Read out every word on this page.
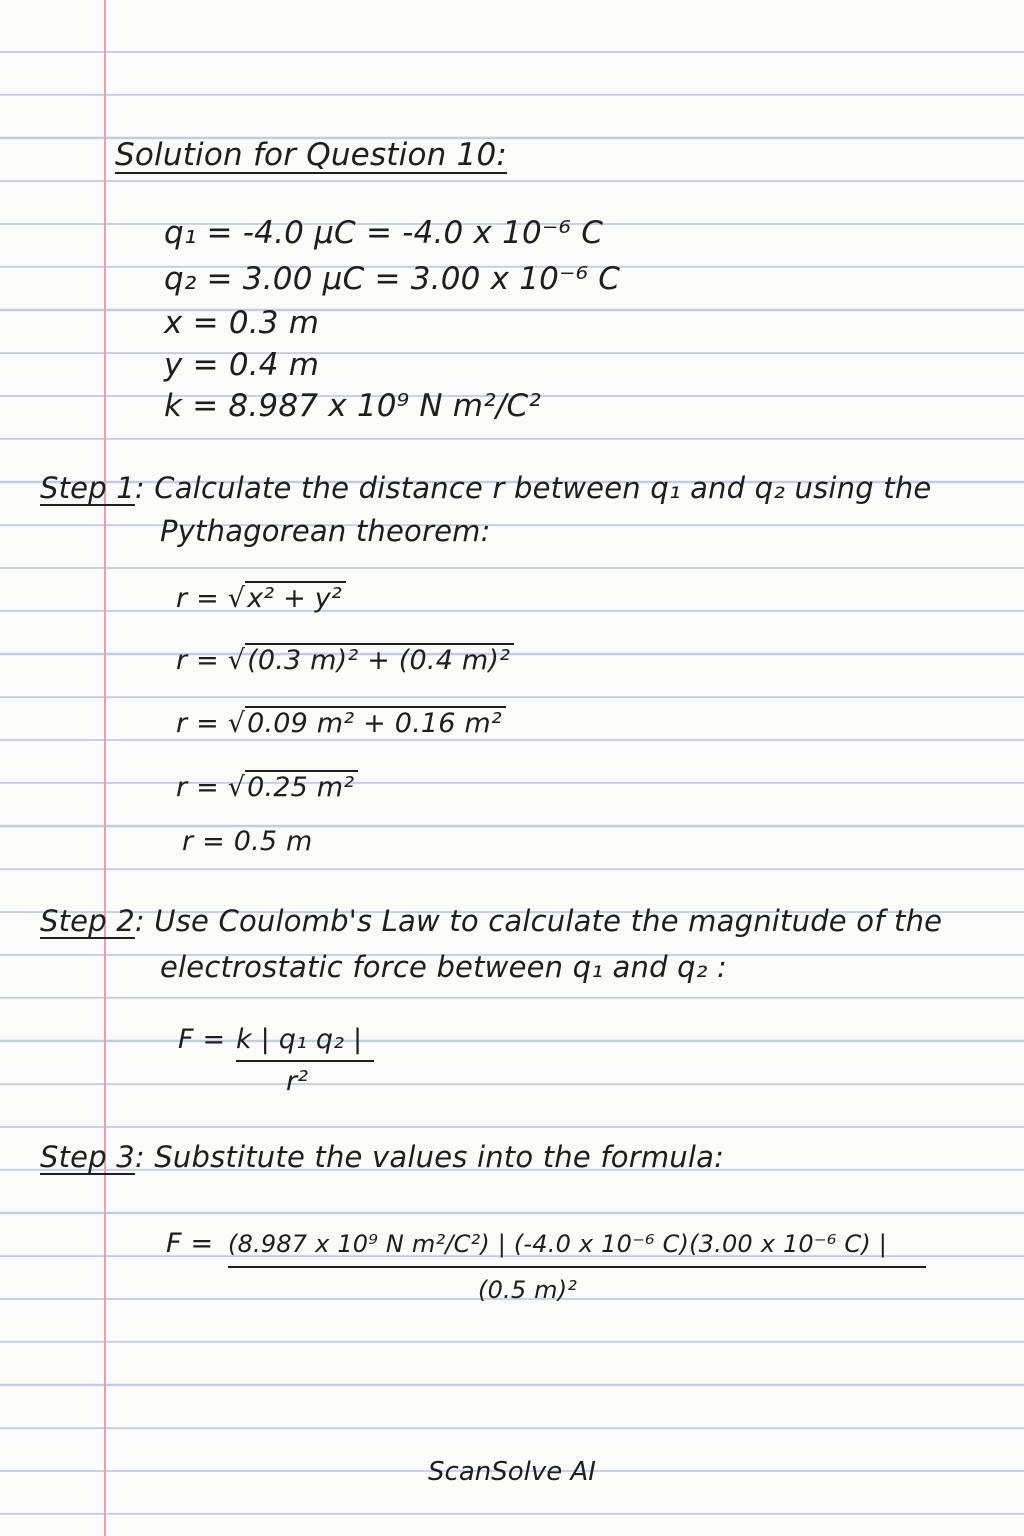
Solution for Question 10:
q₁ = -4.0 μC = -4.0 x 10⁻⁶ C
q₂ = 3.00 μC = 3.00 x 10⁻⁶ C
x = 0.3 m
y = 0.4 m
k = 8.987 x 10⁹ N m²/C²
Step 1: Calculate the distance r between q₁ and q₂ using the
Pythagorean theorem:
r = √x² + y²
r = √(0.3 m)² + (0.4 m)²
r = √0.09 m² + 0.16 m²
r = √0.25 m²
r = 0.5 m
Step 2: Use Coulomb's Law to calculate the magnitude of the
electrostatic force between q₁ and q₂ :
F = k | q₁ q₂ |
r²
Step 3: Substitute the values into the formula:
F = (8.987 x 10⁹ N m²/C²) | (-4.0 x 10⁻⁶ C)(3.00 x 10⁻⁶ C) |
(0.5 m)²
ScanSolve AI
